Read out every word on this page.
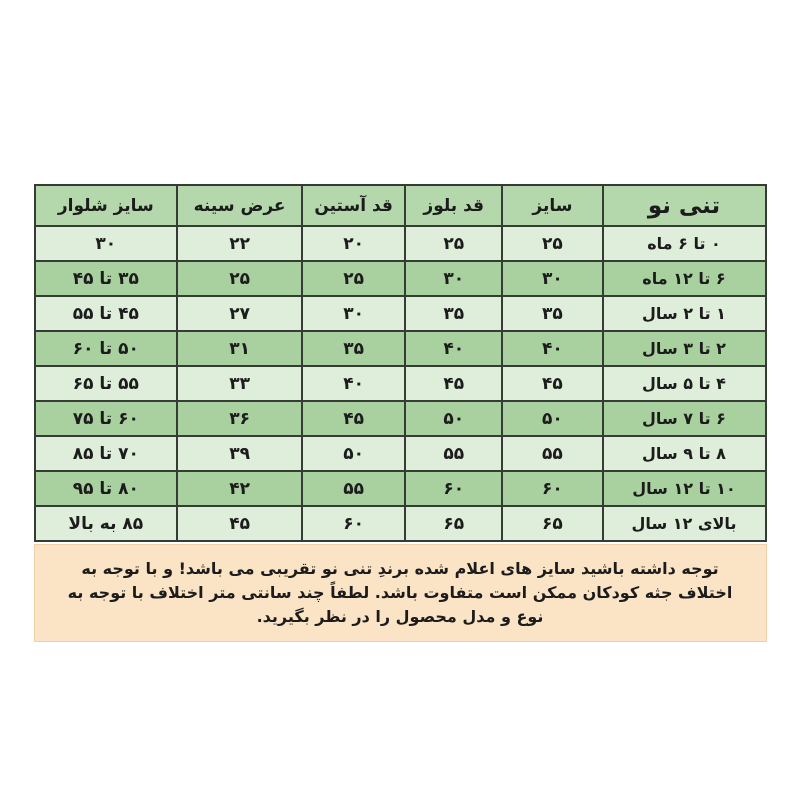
تنی نو	سایز	قد بلوز	قد آستین	عرض سینه	سایز شلوار
۰ تا ۶ ماه	۲۵	۲۵	۲۰	۲۲	۳۰
۶ تا ۱۲ ماه	۳۰	۳۰	۲۵	۲۵	۳۵ تا ۴۵
۱ تا ۲ سال	۳۵	۳۵	۳۰	۲۷	۴۵ تا ۵۵
۲ تا ۳ سال	۴۰	۴۰	۳۵	۳۱	۵۰ تا ۶۰
۴ تا ۵ سال	۴۵	۴۵	۴۰	۳۳	۵۵ تا ۶۵
۶ تا ۷ سال	۵۰	۵۰	۴۵	۳۶	۶۰ تا ۷۵
۸ تا ۹ سال	۵۵	۵۵	۵۰	۳۹	۷۰ تا ۸۵
۱۰ تا ۱۲ سال	۶۰	۶۰	۵۵	۴۲	۸۰ تا ۹۵
بالای ۱۲ سال	۶۵	۶۵	۶۰	۴۵	۸۵ به بالا
توجه داشته باشید سایز های اعلام شده برندِ تنی نو تقریبی می باشد! و با توجه به اختلاف جثه کودکان ممکن است متفاوت باشد. لطفاً چند سانتی متر اختلاف با توجه به نوع و مدل محصول را در نظر بگیرید.
